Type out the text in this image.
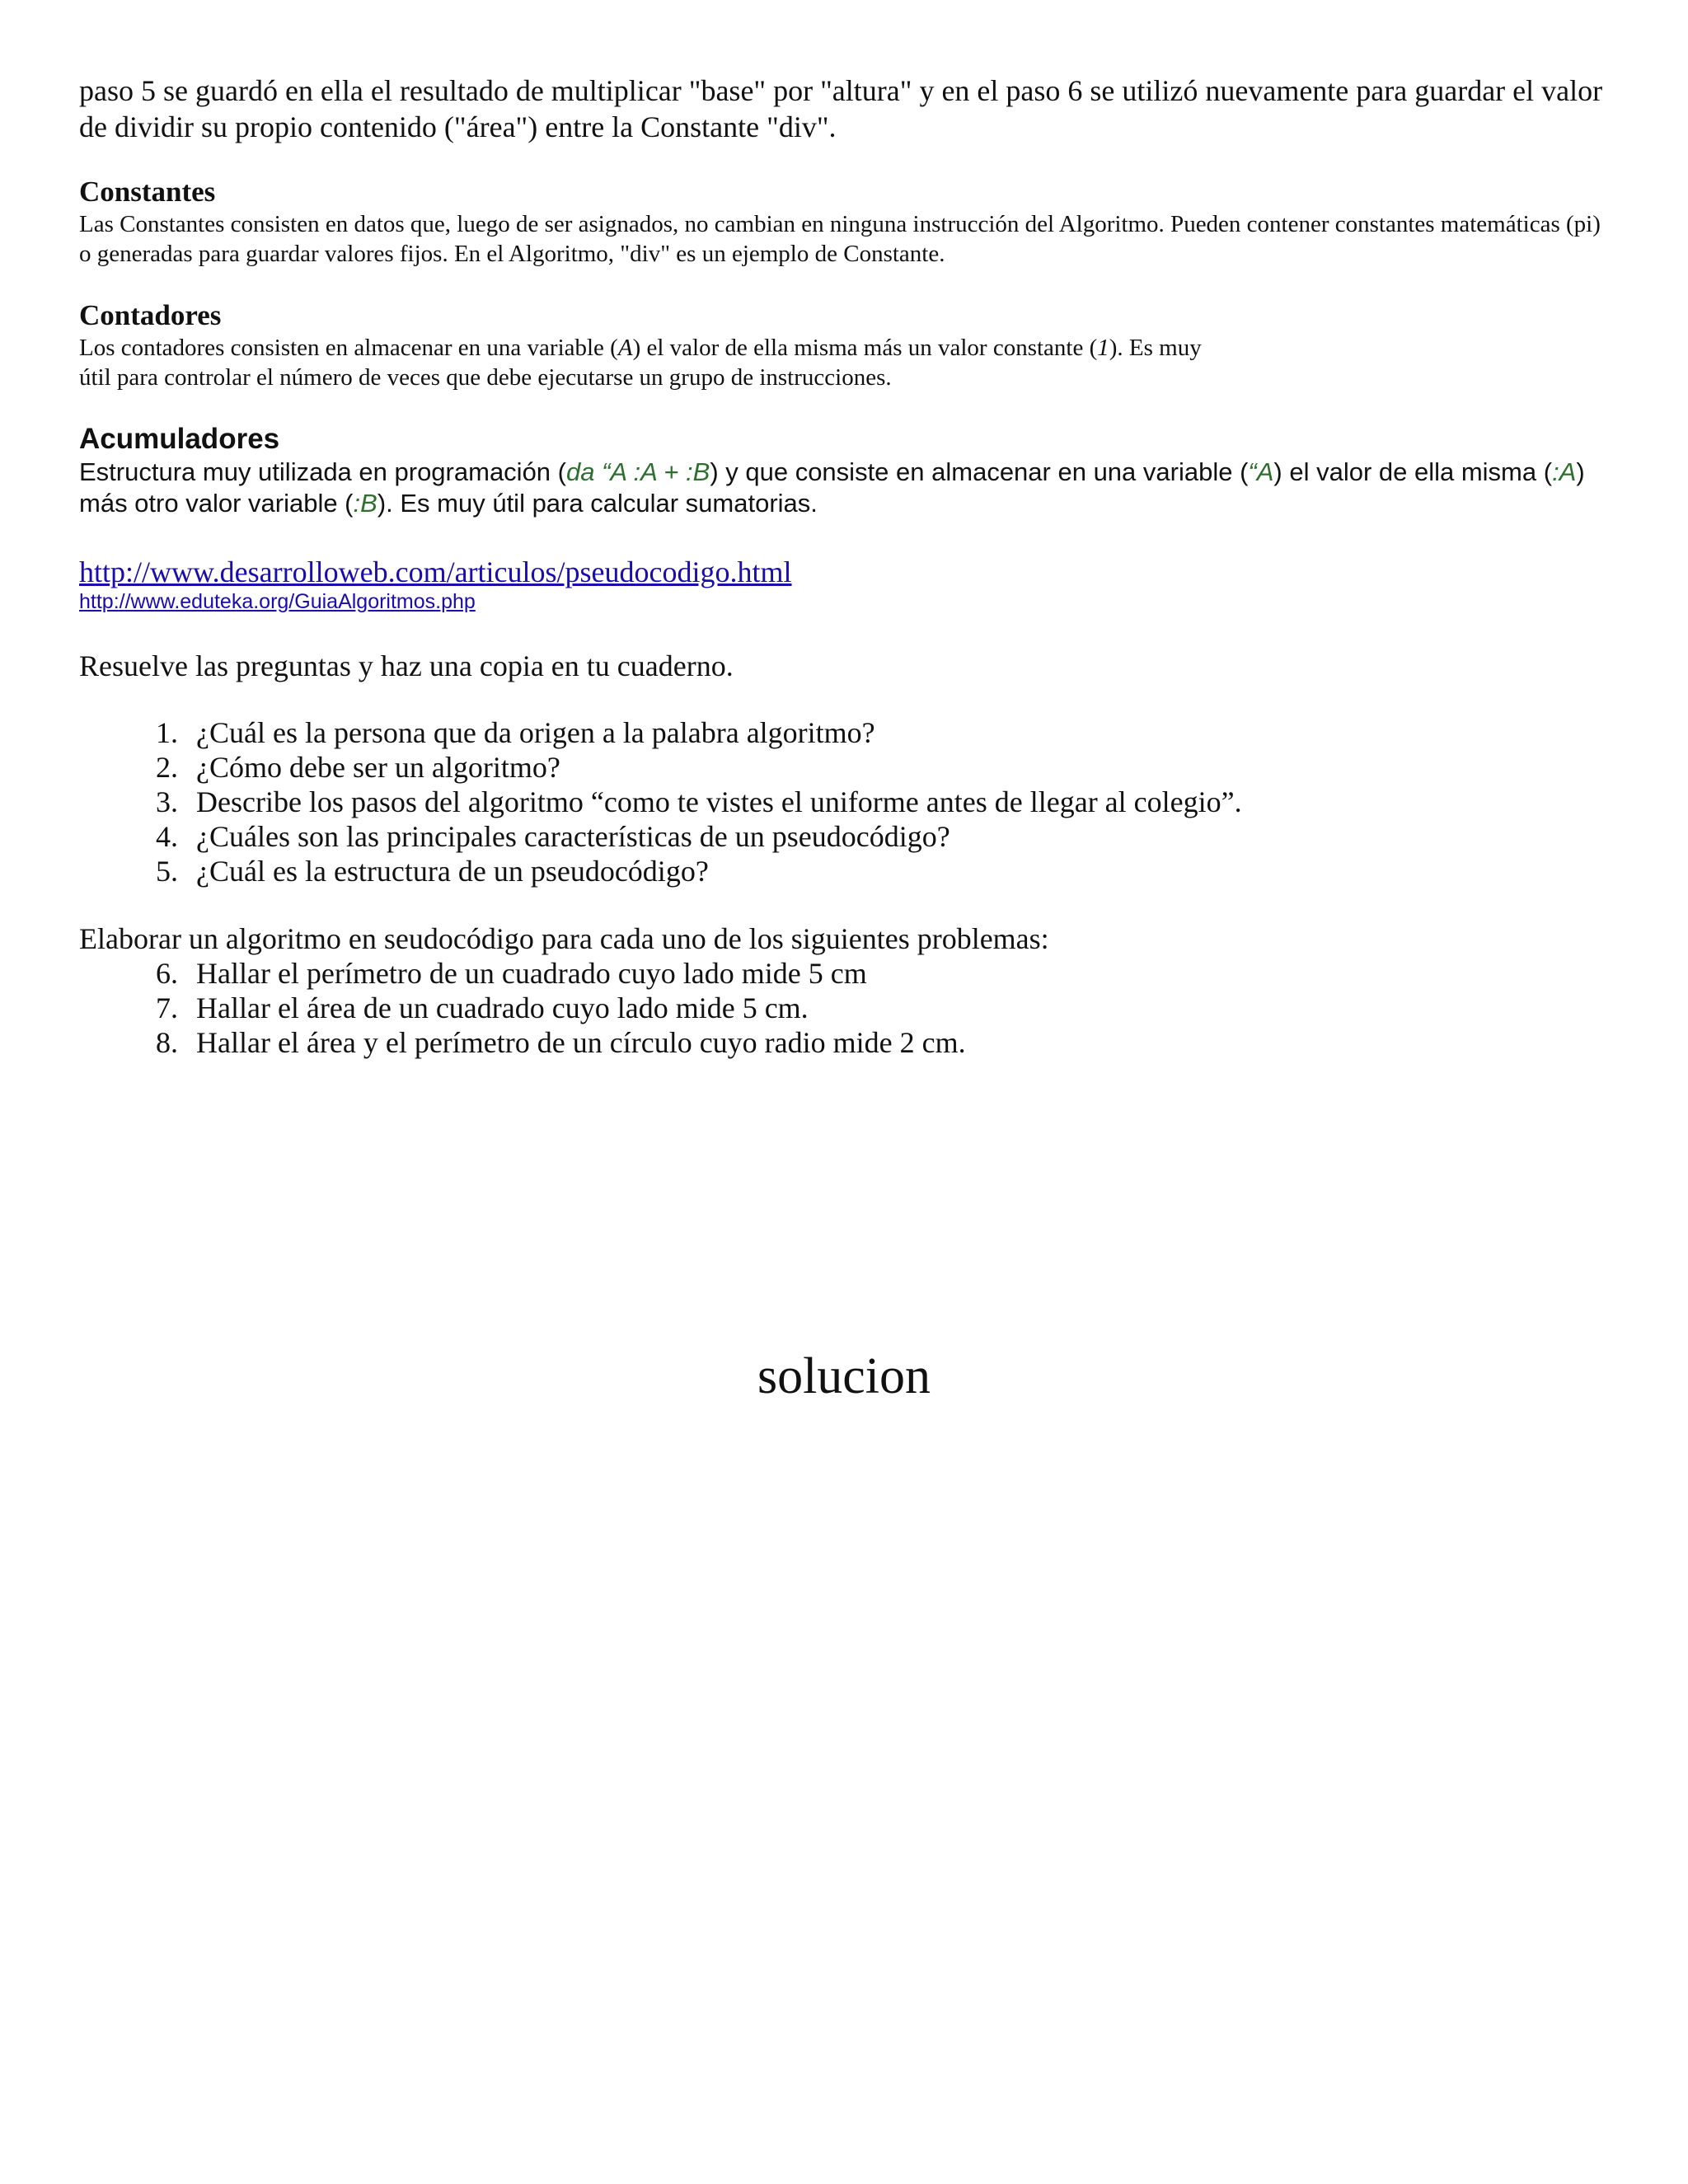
paso 5 se guardó en ella el resultado de multiplicar "base" por "altura" y en el paso 6 se utilizó nuevamente para guardar el valor de dividir su propio contenido ("área") entre la Constante "div".

Constantes

Las Constantes consisten en datos que, luego de ser asignados, no cambian en ninguna instrucción del Algoritmo. Pueden contener constantes matemáticas (pi) o generadas para guardar valores fijos. En el Algoritmo, "div" es un ejemplo de Constante.

Contadores

Los contadores consisten en almacenar en una variable (A) el valor de ella misma más un valor constante (1). Es muy
útil para controlar el número de veces que debe ejecutarse un grupo de instrucciones.

Acumuladores

Estructura muy utilizada en programación (da “A :A + :B) y que consiste en almacenar en una variable (“A) el valor de ella misma (:A) más otro valor variable (:B). Es muy útil para calcular sumatorias.

http://www.desarrolloweb.com/articulos/pseudocodigo.html
http://www.eduteka.org/GuiaAlgoritmos.php

Resuelve las preguntas y haz una copia en tu cuaderno.

1. ¿Cuál es la persona que da origen a la palabra algoritmo?
2. ¿Cómo debe ser un algoritmo?
3. Describe los pasos del algoritmo “como te vistes el uniforme antes de llegar al colegio”.
4. ¿Cuáles son las principales características de un pseudocódigo?
5. ¿Cuál es la estructura de un pseudocódigo?

Elaborar un algoritmo en seudocódigo para cada uno de los siguientes problemas:

6. Hallar el perímetro de un cuadrado cuyo lado mide 5 cm
7. Hallar el área de un cuadrado cuyo lado mide 5 cm.
8. Hallar el área y el perímetro de un círculo cuyo radio mide 2 cm.

solucion
